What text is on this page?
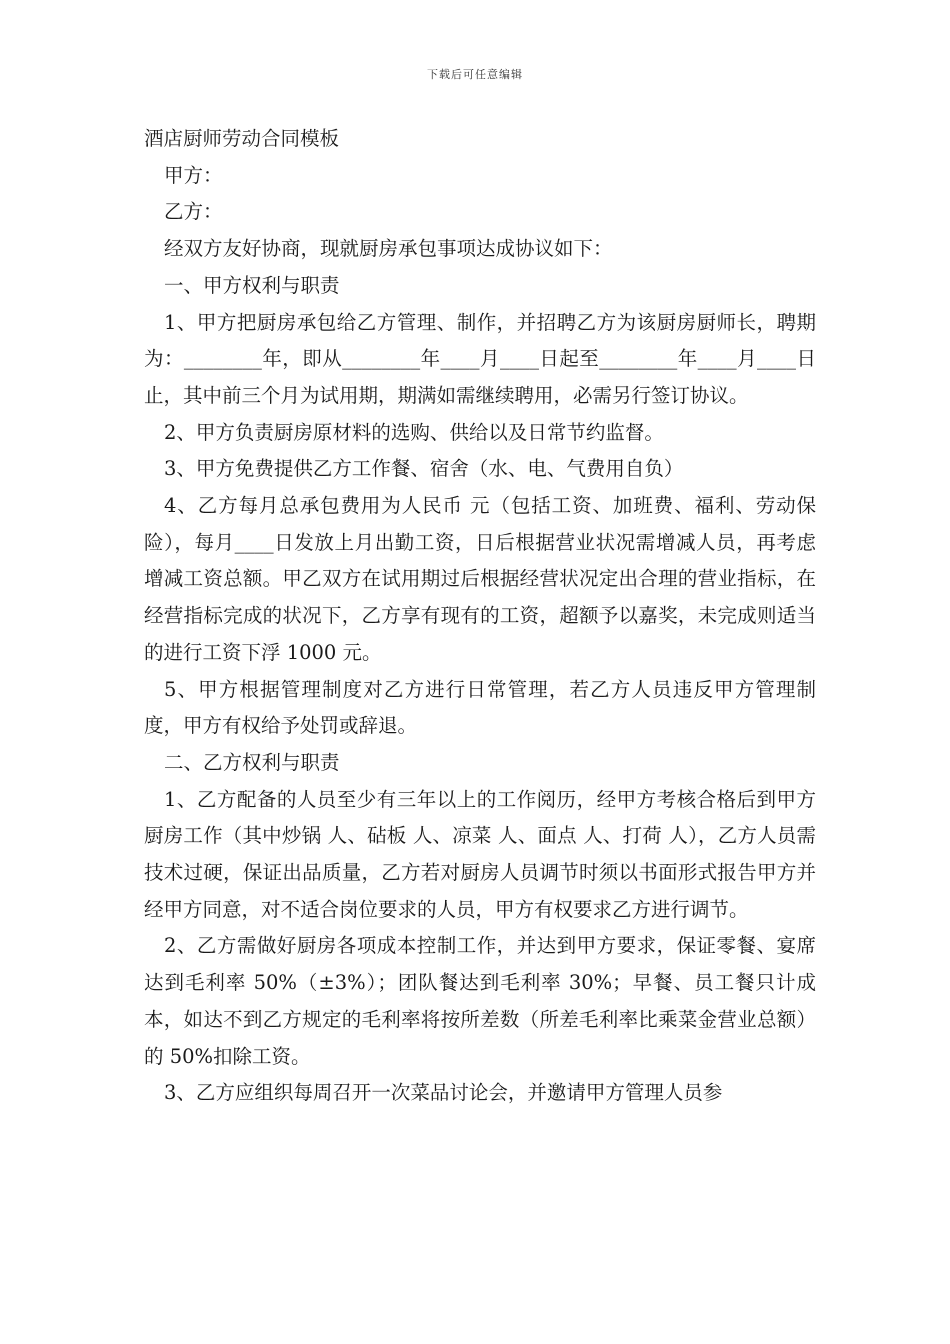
下载后可任意编辑

酒店厨师劳动合同模板

甲方：

乙方：

经双方友好协商，现就厨房承包事项达成协议如下：

一、甲方权利与职责

1、甲方把厨房承包给乙方管理、制作，并招聘乙方为该厨房厨师长，聘期为：________年，即从________年____月____日起至________年____月____日止，其中前三个月为试用期，期满如需继续聘用，必需另行签订协议。

2、甲方负责厨房原材料的选购、供给以及日常节约监督。

3、甲方免费提供乙方工作餐、宿舍（水、电、气费用自负）

4、乙方每月总承包费用为人民币 元（包括工资、加班费、福利、劳动保险），每月____日发放上月出勤工资，日后根据营业状况需增减人员，再考虑增减工资总额。甲乙双方在试用期过后根据经营状况定出合理的营业指标，在经营指标完成的状况下，乙方享有现有的工资，超额予以嘉奖，未完成则适当的进行工资下浮 1000 元。

5、甲方根据管理制度对乙方进行日常管理，若乙方人员违反甲方管理制度，甲方有权给予处罚或辞退。

二、乙方权利与职责

1、乙方配备的人员至少有三年以上的工作阅历，经甲方考核合格后到甲方厨房工作（其中炒锅 人、砧板 人、凉菜 人、面点 人、打荷 人），乙方人员需技术过硬，保证出品质量，乙方若对厨房人员调节时须以书面形式报告甲方并经甲方同意，对不适合岗位要求的人员，甲方有权要求乙方进行调节。

2、乙方需做好厨房各项成本控制工作，并达到甲方要求，保证零餐、宴席达到毛利率 50%（±3%）；团队餐达到毛利率 30%；早餐、员工餐只计成本，如达不到乙方规定的毛利率将按所差数（所差毛利率比乘菜金营业总额）的 50%扣除工资。

3、乙方应组织每周召开一次菜品讨论会，并邀请甲方管理人员参
